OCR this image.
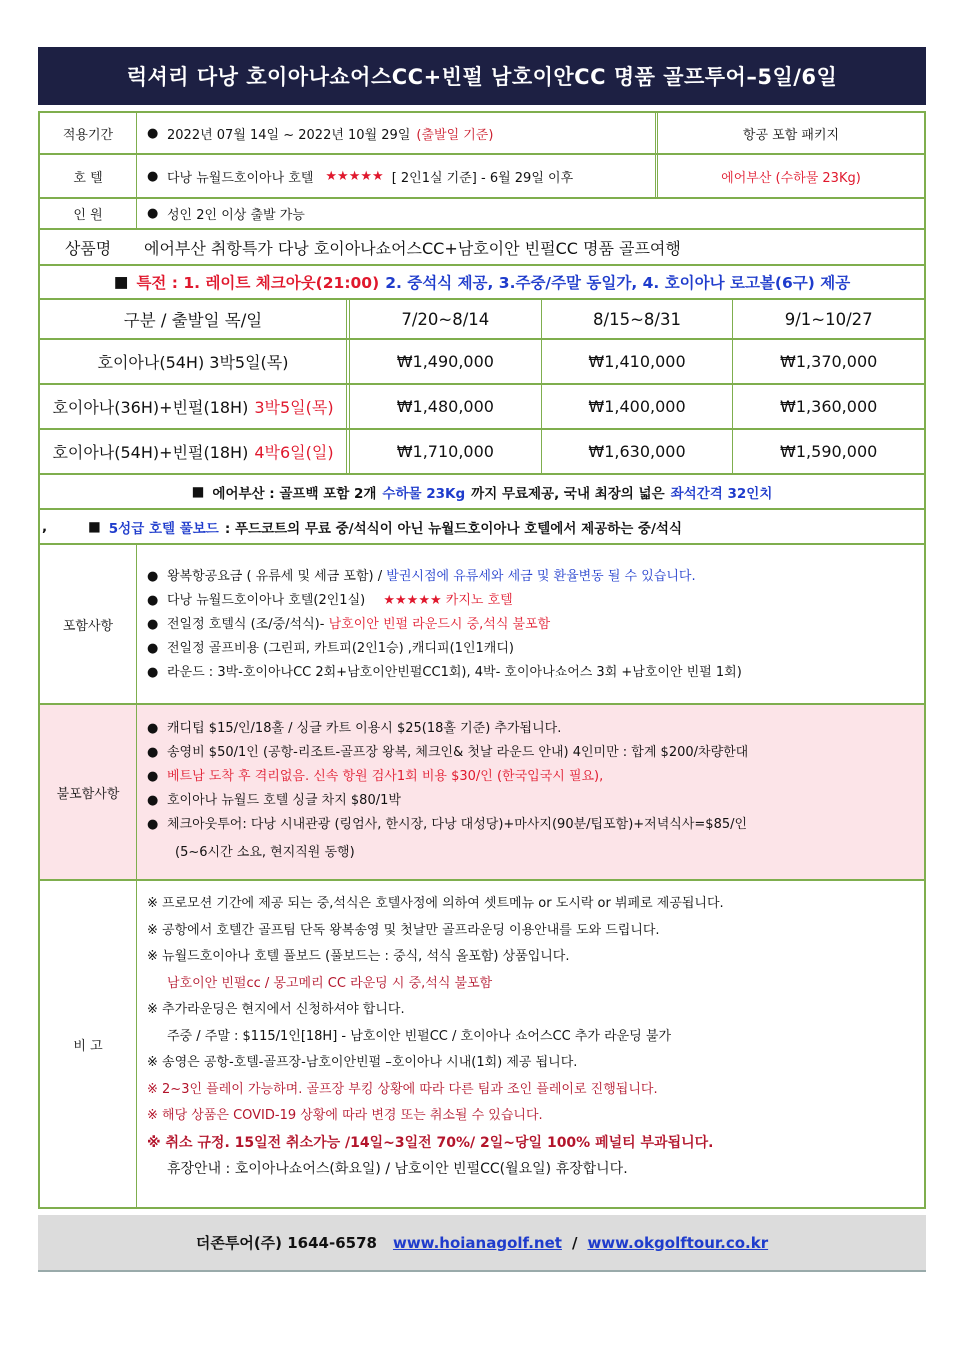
럭셔리 다낭 호이아나쇼어스CC+빈펄 남호이안CC 명품 골프투어–5일/6일
적용기간	● 2022년 07월 14일 ~ 2022년 10월 29일 (출발일 기준)	항공 포함 패키지
호 텔	● 다낭 뉴월드호이아나 호텔 ★★★★★ [ 2인1실 기준] - 6월 29일 이후	에어부산 (수하물 23Kg)
인 원	● 성인 2인 이상 출발 가능
상품명	에어부산 취항특가 다낭 호이아나쇼어스CC+남호이안 빈펄CC 명품 골프여행
■ 특전 : 1. 레이트 체크아웃(21:00) 2. 중석식 제공, 3.주중/주말 동일가, 4. 호이아나 로고볼(6구) 제공
구분 / 출발일 목/일	7/20~8/14	8/15~8/31	9/1~10/27
호이아나(54H) 3박5일(목)	₩1,490,000	₩1,410,000	₩1,370,000
호이아나(36H)+빈펄(18H) 3박5일(목)	₩1,480,000	₩1,400,000	₩1,360,000
호이아나(54H)+빈펄(18H) 4박6일(일)	₩1,710,000	₩1,630,000	₩1,590,000
■ 에어부산 : 골프백 포함 2개 수하물 23Kg 까지 무료제공, 국내 최장의 넓은 좌석간격 32인치
,	■ 5성급 호텔 풀보드 : 푸드코트의 무료 중/석식이 아닌 뉴월드호이아나 호텔에서 제공하는 중/석식
포함사항
● 왕복항공요금 ( 유류세 및 세금 포함) / 발권시점에 유류세와 세금 및 환율변동 될 수 있습니다.
● 다낭 뉴월드호이아나 호텔(2인1실) ★★★★★ 카지노 호텔
● 전일정 호텔식 (조/중/석식)- 남호이안 빈펄 라운드시 중,석식 불포함
● 전일정 골프비용 (그린피, 카트피(2인1승) ,캐디피(1인1캐디)
● 라운드 : 3박-호이아나CC 2회+남호이안빈펄CC1회), 4박- 호이아나쇼어스 3회 +남호이안 빈펄 1회)
불포함사항
● 캐디팁 $15/인/18홀 / 싱글 카트 이용시 $25(18홀 기준) 추가됩니다.
● 송영비 $50/1인 (공항-리조트-골프장 왕복, 체크인& 첫날 라운드 안내) 4인미만 : 합계 $200/차량한대
● 베트남 도착 후 격리없음. 신속 항원 검사1회 비용 $30/인 (한국입국시 필요),
● 호이아나 뉴월드 호텔 싱글 차지 $80/1박
● 체크아웃투어: 다낭 시내관광 (링엄사, 한시장, 다낭 대성당)+마사지(90분/팁포함)+저녁식사=$85/인
(5~6시간 소요, 현지직원 동행)
비 고
※ 프로모션 기간에 제공 되는 중,석식은 호텔사정에 의하여 셋트메뉴 or 도시락 or 뷔페로 제공됩니다.
※ 공항에서 호텔간 골프팀 단독 왕복송영 및 첫날만 골프라운딩 이용안내를 도와 드립니다.
※ 뉴월드호이아나 호텔 풀보드 (풀보드는 : 중식, 석식 올포함) 상품입니다.
남호이안 빈펄cc / 몽고메리 CC 라운딩 시 중,석식 불포함
※ 추가라운딩은 현지에서 신청하셔야 합니다.
주중 / 주말 : $115/1인[18H] - 남호이안 빈펄CC / 호이아나 쇼어스CC 추가 라운딩 불가
※ 송영은 공항-호텔-골프장-남호이안빈펄 –호이아나 시내(1회) 제공 됩니다.
※ 2~3인 플레이 가능하며. 골프장 부킹 상황에 따라 다른 팀과 조인 플레이로 진행됩니다.
※ 해당 상품은 COVID-19 상황에 따라 변경 또는 취소될 수 있습니다.
※ 취소 규정. 15일전 취소가능 /14일~3일전 70%/ 2일~당일 100% 페널티 부과됩니다.
휴장안내 : 호이아나쇼어스(화요일) / 남호이안 빈펄CC(월요일) 휴장합니다.
더존투어(주) 1644-6578 www.hoianagolf.net / www.okgolftour.co.kr
